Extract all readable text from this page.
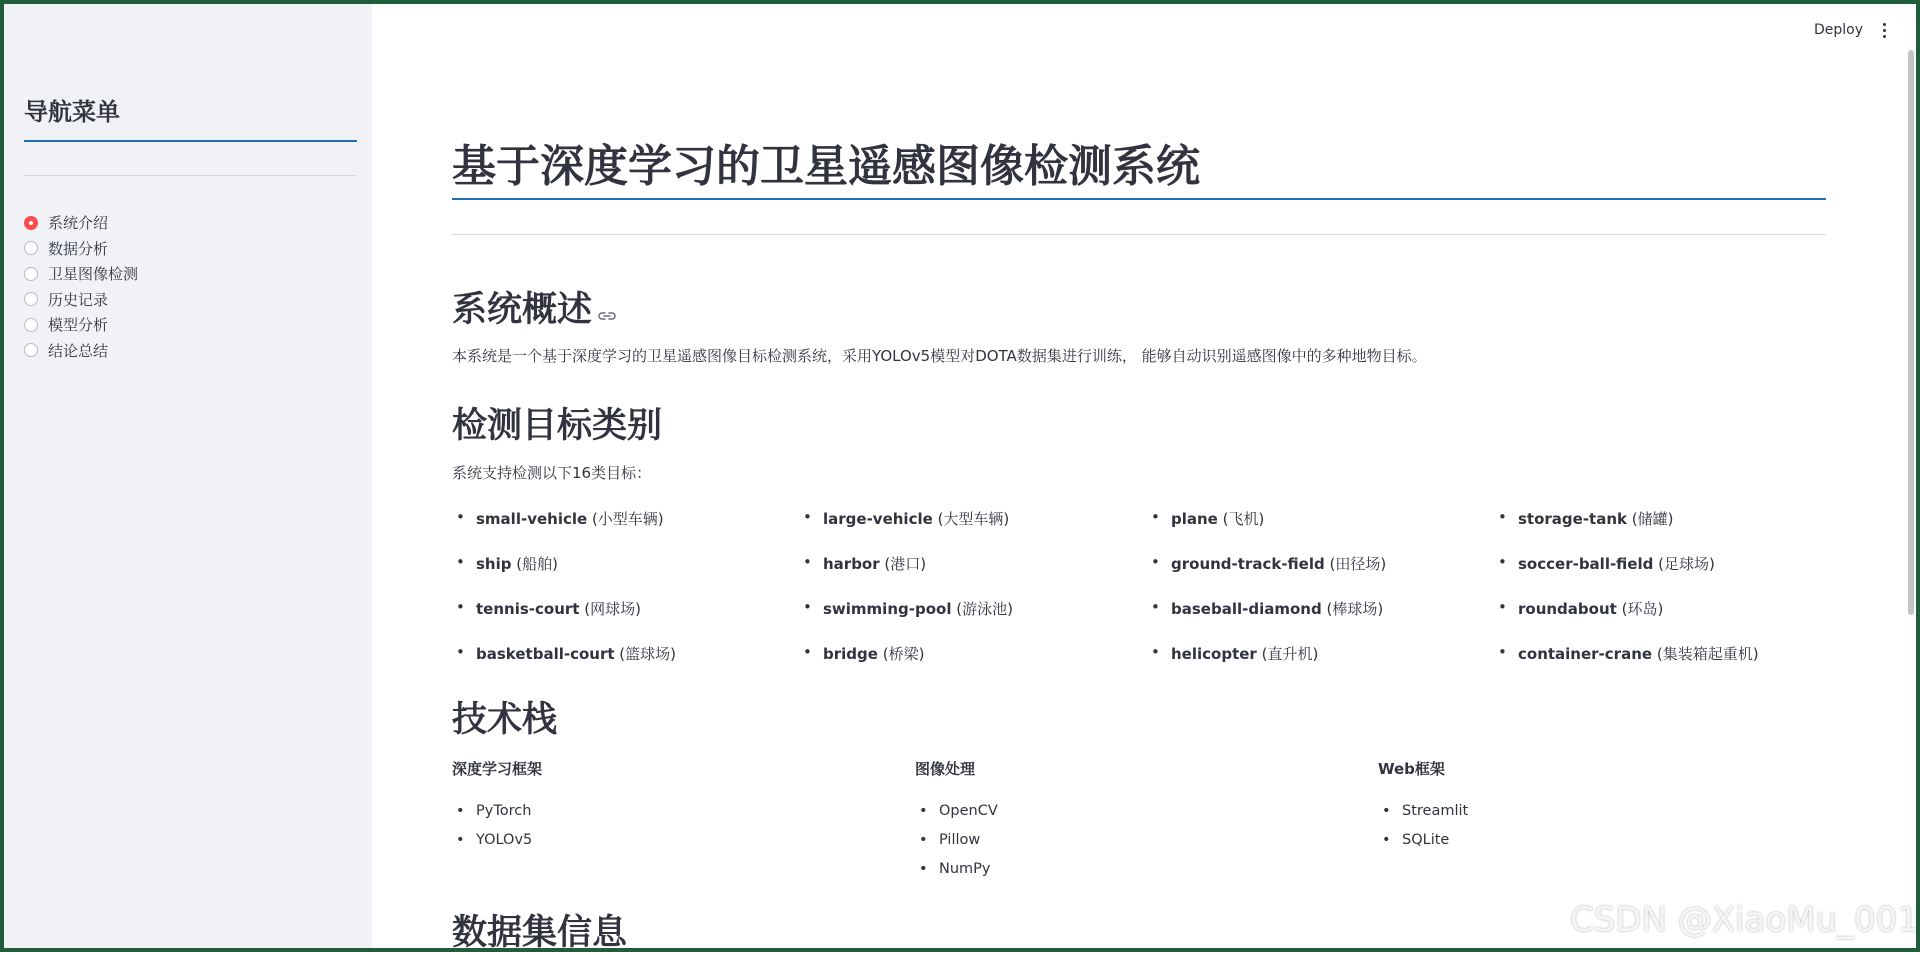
导航菜单
系统介绍
数据分析
卫星图像检测
历史记录
模型分析
结论总结
Deploy
基于深度学习的卫星遥感图像检测系统
系统概述
本系统是一个基于深度学习的卫星遥感图像目标检测系统，采用YOLOv5模型对DOTA数据集进行训练， 能够自动识别遥感图像中的多种地物目标。
检测目标类别
系统支持检测以下16类目标：
• small-vehicle (小型车辆)	• large-vehicle (大型车辆)	• plane (飞机)	• storage-tank (储罐)
• ship (船舶)	• harbor (港口)	• ground-track-field (田径场)	• soccer-ball-field (足球场)
• tennis-court (网球场)	• swimming-pool (游泳池)	• baseball-diamond (棒球场)	• roundabout (环岛)
• basketball-court (篮球场)	• bridge (桥梁)	• helicopter (直升机)	• container-crane (集装箱起重机)
技术栈
深度学习框架
• PyTorch
• YOLOv5
图像处理
• OpenCV
• Pillow
• NumPy
Web框架
• Streamlit
• SQLite
数据集信息	CSDN @XiaoMu_001
